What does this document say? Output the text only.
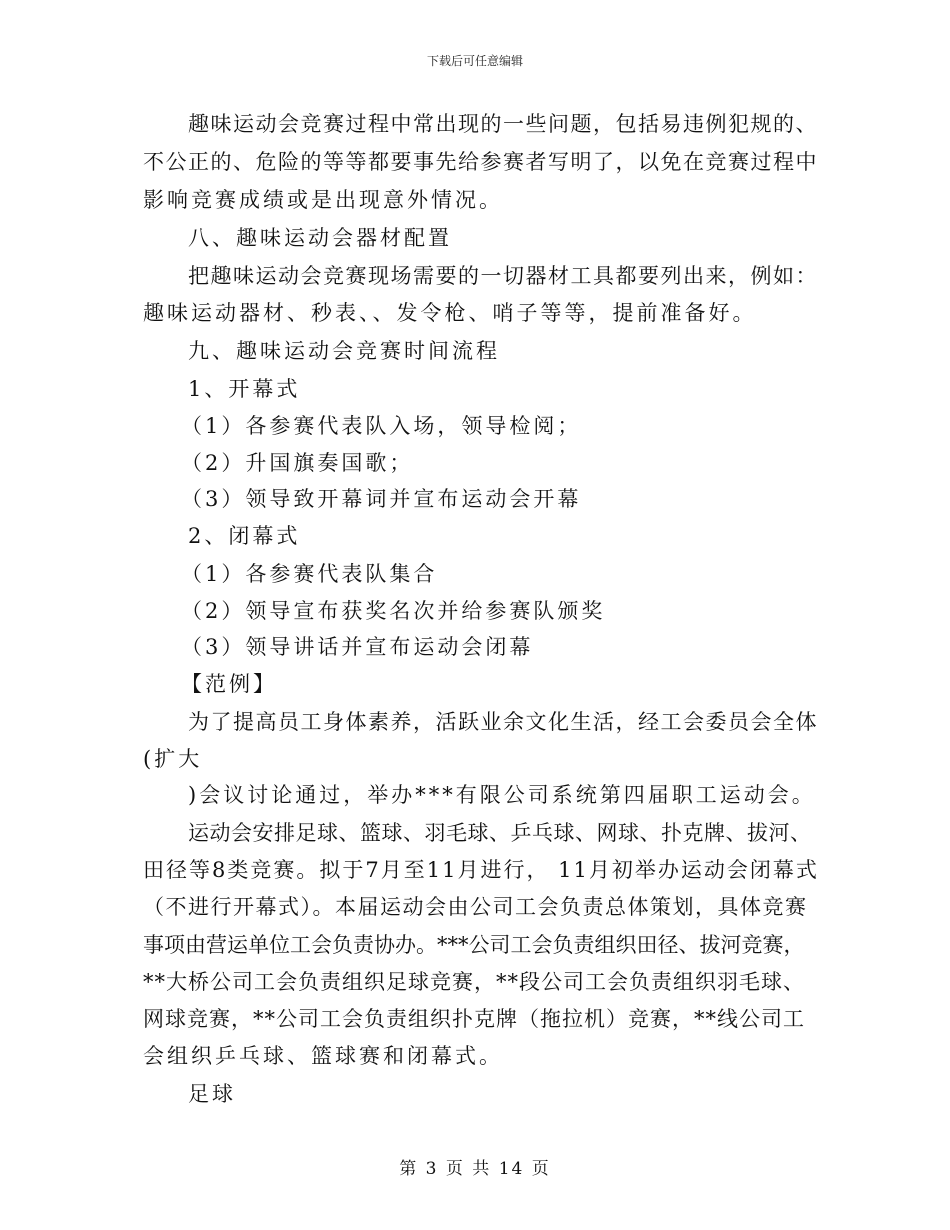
下载后可任意编辑
趣味运动会竞赛过程中常出现的一些问题，包括易违例犯规的、
不公正的、危险的等等都要事先给参赛者写明了，以免在竞赛过程中
影响竞赛成绩或是出现意外情况。
八、趣味运动会器材配置
把趣味运动会竞赛现场需要的一切器材工具都要列出来，例如：
趣味运动器材、秒表、、发令枪、哨子等等，提前准备好。
九、趣味运动会竞赛时间流程
1、开幕式
（1）各参赛代表队入场，领导检阅；
（2）升国旗奏国歌；
（3）领导致开幕词并宣布运动会开幕
2、闭幕式
（1）各参赛代表队集合
（2）领导宣布获奖名次并给参赛队颁奖
（3）领导讲话并宣布运动会闭幕
【范例】
为了提高员工身体素养，活跃业余文化生活，经工会委员会全体
(扩大
)会议讨论通过，举办***有限公司系统第四届职工运动会。
运动会安排足球、篮球、羽毛球、乒乓球、网球、扑克牌、拔河、
田径等8类竞赛。拟于7月至11月进行， 11月初举办运动会闭幕式
（不进行开幕式）。本届运动会由公司工会负责总体策划，具体竞赛
事项由营运单位工会负责协办。***公司工会负责组织田径、拔河竞赛，
**大桥公司工会负责组织足球竞赛，**段公司工会负责组织羽毛球、
网球竞赛，**公司工会负责组织扑克牌（拖拉机）竞赛，**线公司工
会组织乒乓球、篮球赛和闭幕式。
足球
第 3 页 共 14 页
